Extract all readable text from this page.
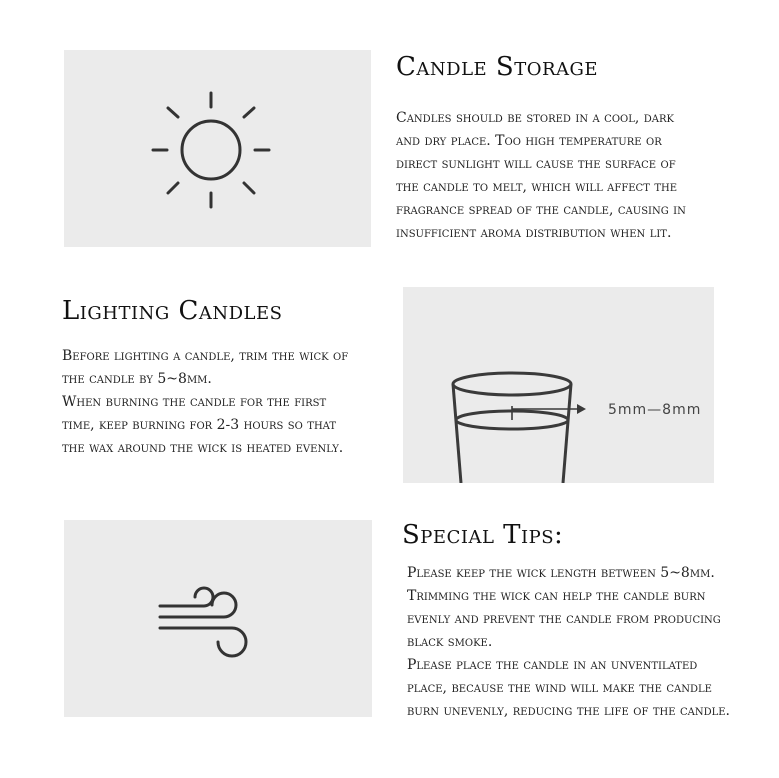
Candle Storage

Candles should be stored in a cool, dark
and dry place. Too high temperature or
direct sunlight will cause the surface of
the candle to melt, which will affect the
fragrance spread of the candle, causing in
insufficient aroma distribution when lit.

Lighting Candles

Before lighting a candle, trim the wick of
the candle by 5~8mm.
When burning the candle for the first
time, keep burning for 2-3 hours so that
the wax around the wick is heated evenly.

5mm—8mm
Special Tips:

Please keep the wick length between 5~8mm.
Trimming the wick can help the candle burn
evenly and prevent the candle from producing
black smoke.
Please place the candle in an unventilated
place, because the wind will make the candle
burn unevenly, reducing the life of the candle.
